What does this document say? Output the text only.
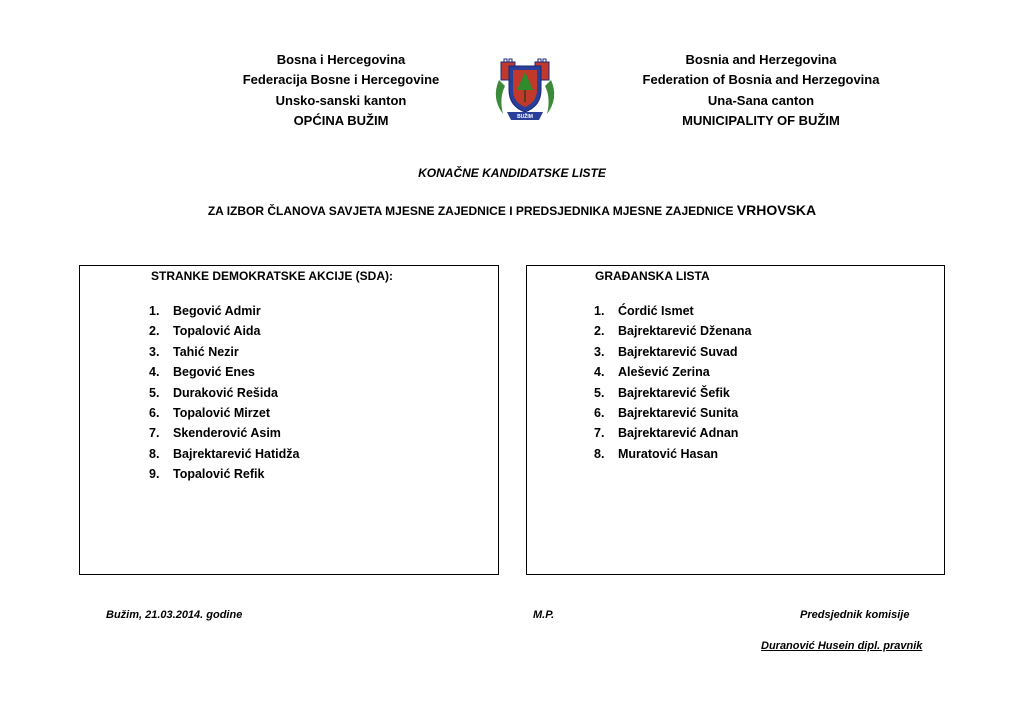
Bosna i Hercegovina
Federacija Bosne i Hercegovine
Unsko-sanski kanton
OPĆINA BUŽIM	BUŽIM
Bosnia and Herzegovina
Federation of Bosnia and Herzegovina
Una-Sana canton
MUNICIPALITY OF BUŽIM
KONAČNE KANDIDATSKE LISTE
ZA IZBOR ČLANOVA SAVJETA MJESNE ZAJEDNICE I PREDSJEDNIKA MJESNE ZAJEDNICE VRHOVSKA
STRANKE DEMOKRATSKE AKCIJE (SDA):
1. Begović Admir
2. Topalović Aida
3. Tahić Nezir
4. Begović Enes
5. Duraković Rešida
6. Topalović Mirzet
7. Skenderović Asim
8. Bajrektarević Hatidža
9. Topalović Refik
GRAĐANSKA LISTA
1. Ćordić Ismet
2. Bajrektarević Dženana
3. Bajrektarević Suvad
4. Alešević Zerina
5. Bajrektarević Šefik
6. Bajrektarević Sunita
7. Bajrektarević Adnan
8. Muratović Hasan
Bužim, 21.03.2014. godine	M.P.	Predsjednik komisije
Duranović Husein dipl. pravnik
